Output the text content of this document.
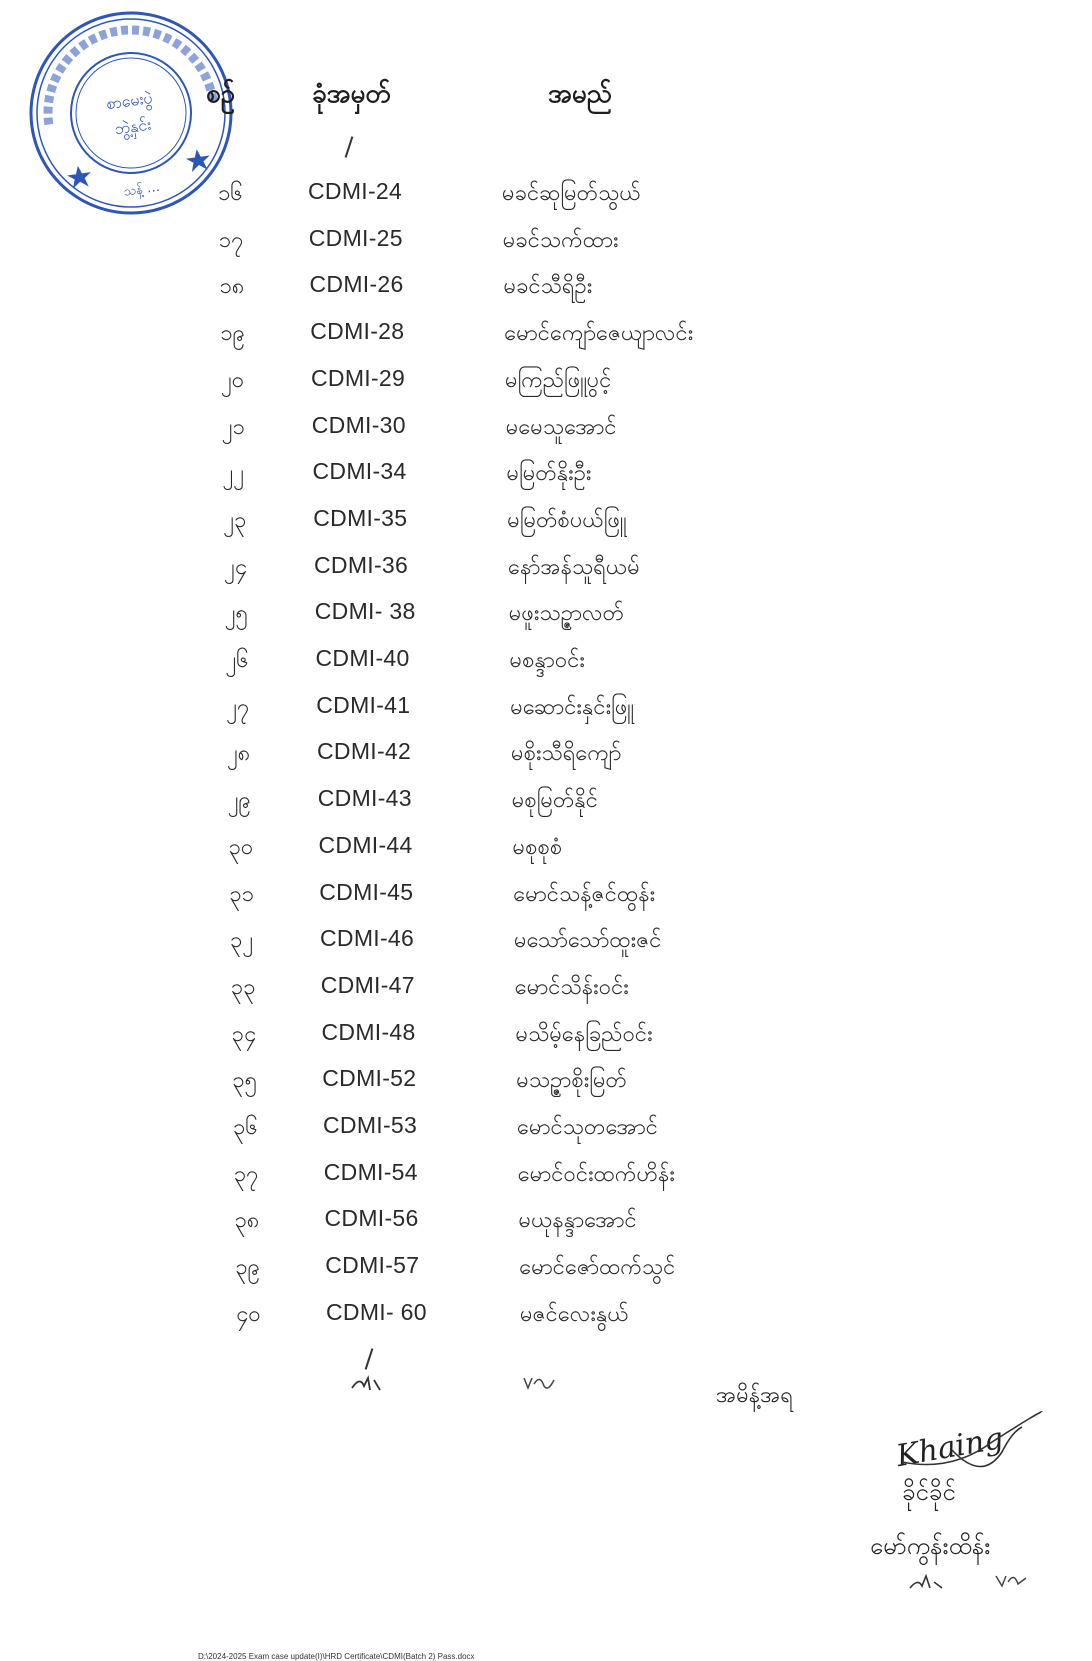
စာမေးပွဲ
ဘွဲ့နှင်း
သန့် …
စဉ်	ခုံအမှတ်	အမည်
၁၆	CDMI-24	မခင်ဆုမြတ်သွယ်
၁၇	CDMI-25	မခင်သက်ထား
၁၈	CDMI-26	မခင်သီရိဦး
၁၉	CDMI-28	မောင်ကျော်ဇေယျာလင်း
၂၀	CDMI-29	မကြည်ဖြူပွင့်
၂၁	CDMI-30	မမေသူအောင်
၂၂	CDMI-34	မမြတ်နိုးဦး
၂၃	CDMI-35	မမြတ်စံပယ်ဖြူ
၂၄	CDMI-36	နော်အန်သူရီယမ်
၂၅	CDMI- 38	မဖူးသဉ္ဇာလတ်
၂၆	CDMI-40	မစန္ဒာဝင်း
၂၇	CDMI-41	မဆောင်းနှင်းဖြူ
၂၈	CDMI-42	မစိုးသီရိကျော်
၂၉	CDMI-43	မစုမြတ်နိုင်
၃၀	CDMI-44	မစုစုစံ
၃၁	CDMI-45	မောင်သန့်ဇင်ထွန်း
၃၂	CDMI-46	မသော်သော်ထူးဇင်
၃၃	CDMI-47	မောင်သိန်းဝင်း
၃၄	CDMI-48	မသိမ့်နေခြည်ဝင်း
၃၅	CDMI-52	မသဉ္ဇာစိုးမြတ်
၃၆	CDMI-53	မောင်သုတအောင်
၃၇	CDMI-54	မောင်ဝင်းထက်ဟိန်း
၃၈	CDMI-56	မယုနန္ဒာအောင်
၃၉	CDMI-57	မောင်ဇော်ထက်သွင်
၄၀	CDMI- 60	မဇင်လေးနွယ်
အမိန့်အရ
Khaing
ခိုင်ခိုင်
မော်ကွန်းထိန်း
D:\2024-2025 Exam case update(I)\HRD Certificate\CDMI(Batch 2) Pass.docx
